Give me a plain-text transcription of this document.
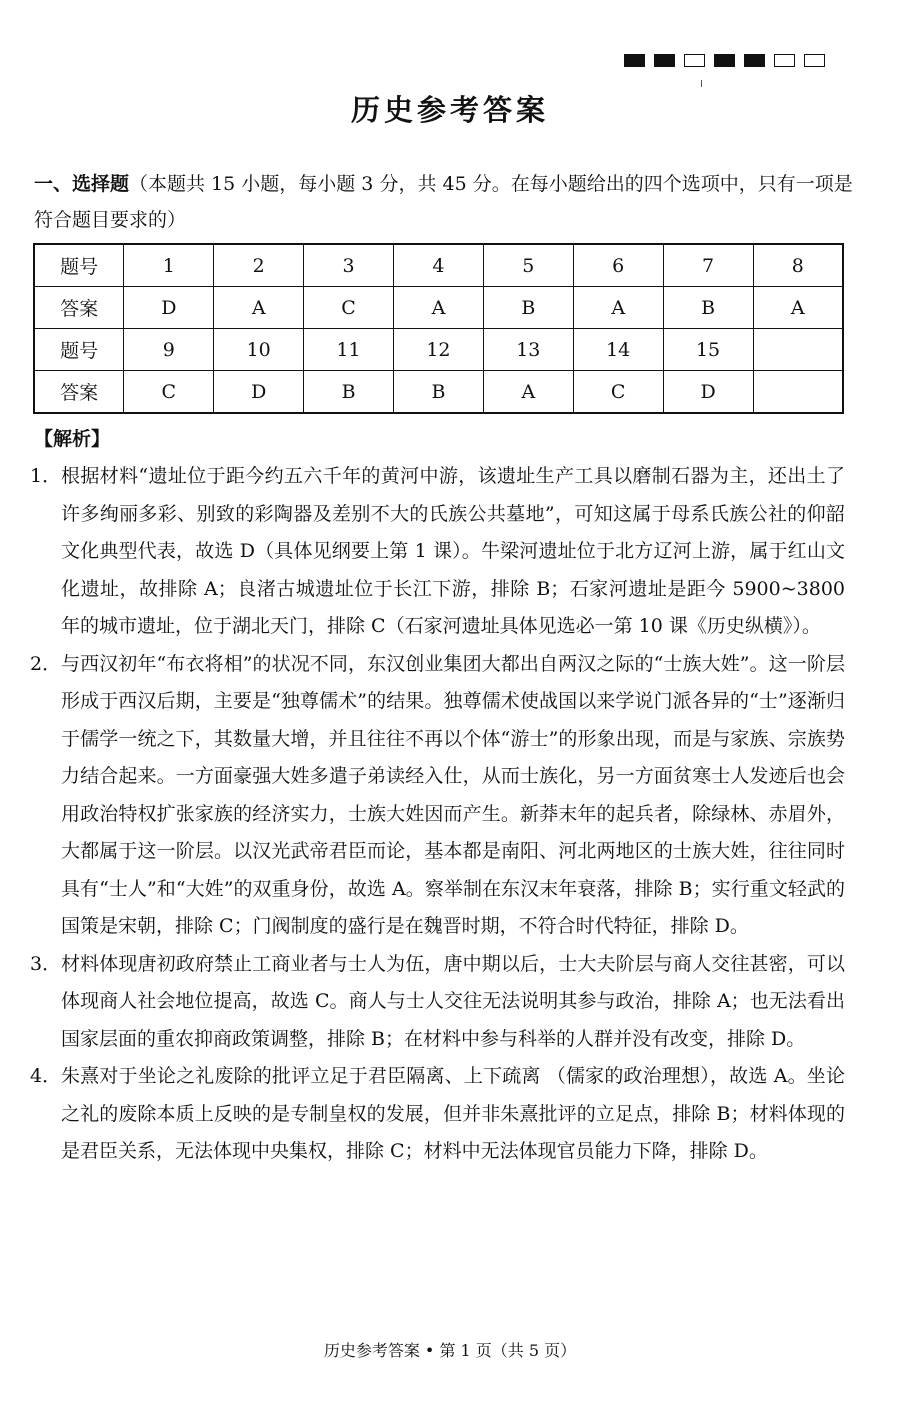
历史参考答案
一、选择题（本题共 15 小题，每小题 3 分，共 45 分。在每小题给出的四个选项中，只有一项是符合题目要求的）
题号	1	2	3	4	5	6	7	8
答案	D	A	C	A	B	A	B	A
题号	9	10	11	12	13	14	15	
答案	C	D	B	B	A	C	D	
【解析】
1． 根据材料“遗址位于距今约五六千年的黄河中游，该遗址生产工具以磨制石器为主，还出土了许多绚丽多彩、别致的彩陶器及差别不大的氏族公共墓地”，可知这属于母系氏族公社的仰韶文化典型代表，故选 D（具体见纲要上第 1 课）。牛梁河遗址位于北方辽河上游，属于红山文化遗址，故排除 A；良渚古城遗址位于长江下游，排除 B；石家河遗址是距今 5900~3800 年的城市遗址，位于湖北天门，排除 C（石家河遗址具体见选必一第 10 课《历史纵横》）。
2． 与西汉初年“布衣将相”的状况不同，东汉创业集团大都出自两汉之际的“士族大姓”。这一阶层形成于西汉后期，主要是“独尊儒术”的结果。独尊儒术使战国以来学说门派各异的“士”逐渐归于儒学一统之下，其数量大增，并且往往不再以个体“游士”的形象出现，而是与家族、宗族势力结合起来。一方面豪强大姓多遣子弟读经入仕，从而士族化，另一方面贫寒士人发迹后也会用政治特权扩张家族的经济实力，士族大姓因而产生。新莽末年的起兵者，除绿林、赤眉外，大都属于这一阶层。以汉光武帝君臣而论，基本都是南阳、河北两地区的士族大姓，往往同时具有“士人”和“大姓”的双重身份，故选 A。察举制在东汉末年衰落，排除 B；实行重文轻武的国策是宋朝，排除 C；门阀制度的盛行是在魏晋时期，不符合时代特征，排除 D。
3． 材料体现唐初政府禁止工商业者与士人为伍，唐中期以后，士大夫阶层与商人交往甚密，可以体现商人社会地位提高，故选 C。商人与士人交往无法说明其参与政治，排除 A；也无法看出国家层面的重农抑商政策调整，排除 B；在材料中参与科举的人群并没有改变，排除 D。
4． 朱熹对于坐论之礼废除的批评立足于君臣隔离、上下疏离 （儒家的政治理想），故选 A。坐论之礼的废除本质上反映的是专制皇权的发展，但并非朱熹批评的立足点，排除 B；材料体现的是君臣关系，无法体现中央集权，排除 C；材料中无法体现官员能力下降，排除 D。
历史参考答案 • 第 1 页（共 5 页）
